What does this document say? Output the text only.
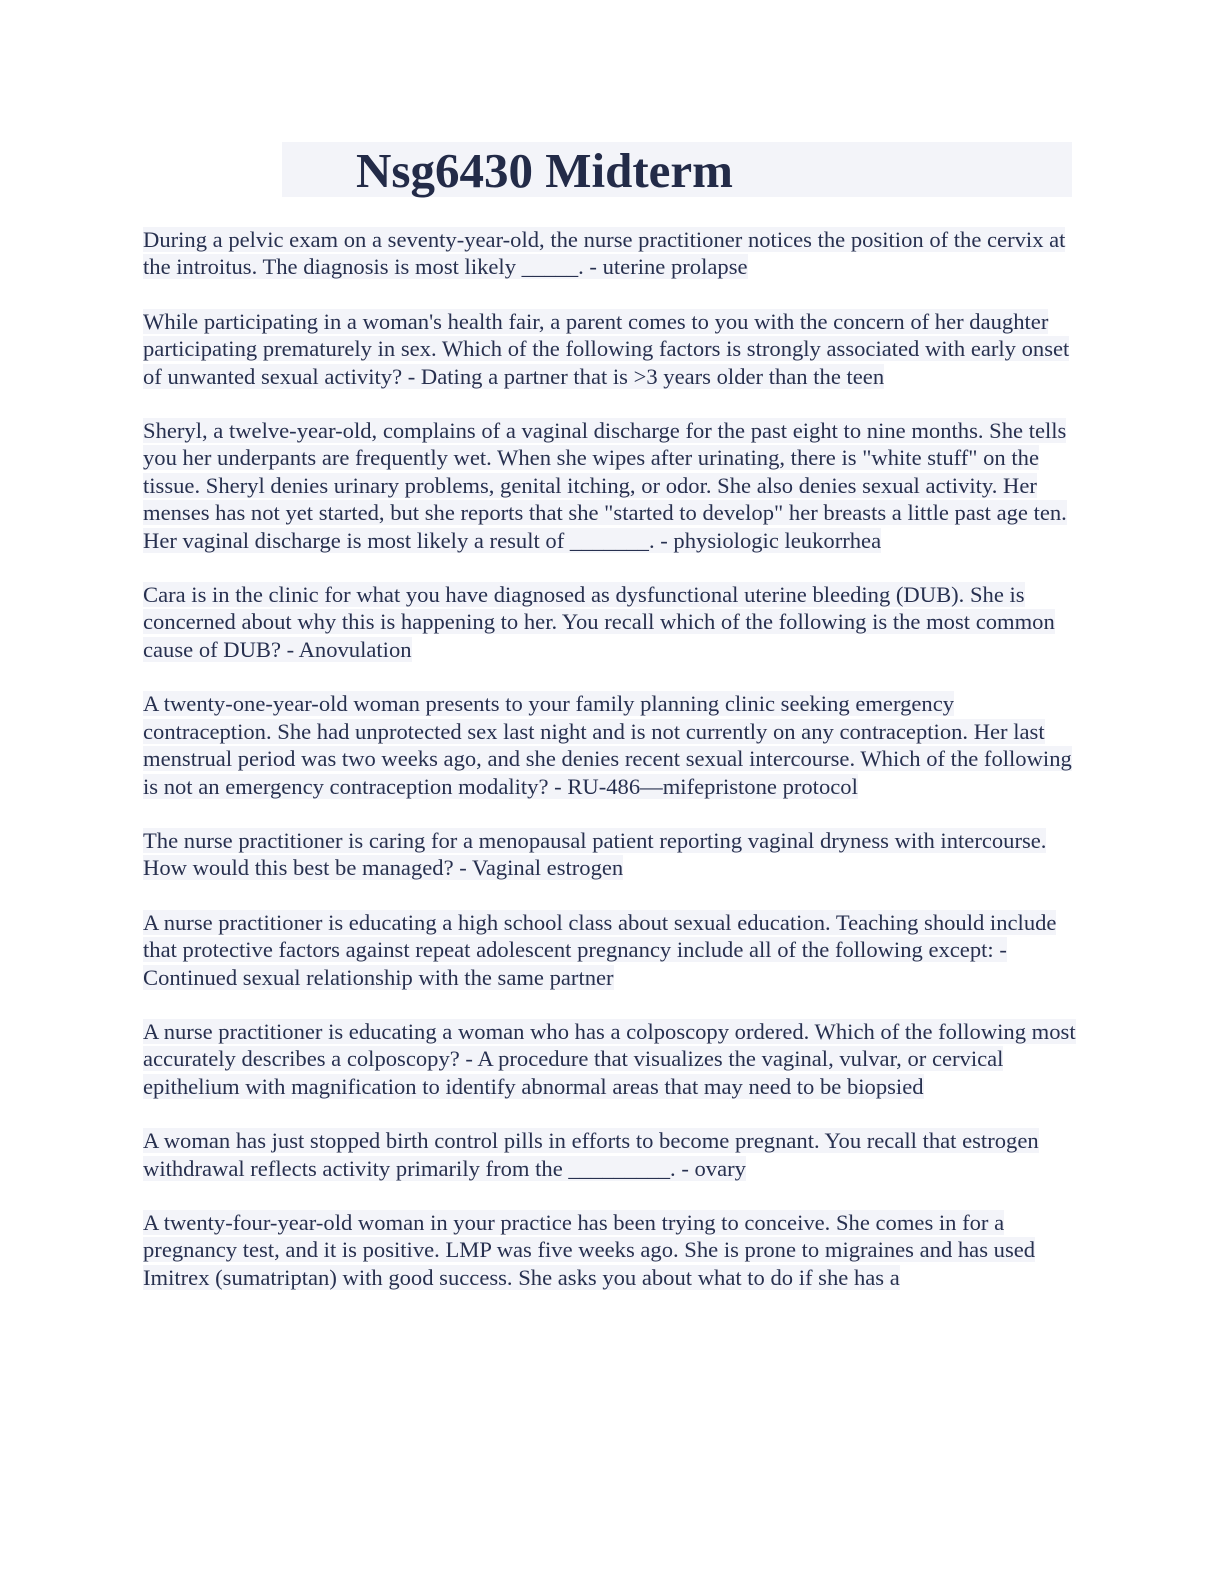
Nsg6430 Midterm

During a pelvic exam on a seventy-year-old, the nurse practitioner notices the position of the cervix at the introitus. The diagnosis is most likely _____. - uterine prolapse

While participating in a woman's health fair, a parent comes to you with the concern of her daughter participating prematurely in sex. Which of the following factors is strongly associated with early onset of unwanted sexual activity? - Dating a partner that is >3 years older than the teen

Sheryl, a twelve-year-old, complains of a vaginal discharge for the past eight to nine months. She tells you her underpants are frequently wet. When she wipes after urinating, there is "white stuff" on the tissue. Sheryl denies urinary problems, genital itching, or odor. She also denies sexual activity. Her menses has not yet started, but she reports that she "started to develop" her breasts a little past age ten. Her vaginal discharge is most likely a result of _______. - physiologic leukorrhea

Cara is in the clinic for what you have diagnosed as dysfunctional uterine bleeding (DUB). She is concerned about why this is happening to her. You recall which of the following is the most common cause of DUB? - Anovulation

A twenty-one-year-old woman presents to your family planning clinic seeking emergency contraception. She had unprotected sex last night and is not currently on any contraception. Her last menstrual period was two weeks ago, and she denies recent sexual intercourse. Which of the following is not an emergency contraception modality? - RU-486—mifepristone protocol

The nurse practitioner is caring for a menopausal patient reporting vaginal dryness with intercourse. How would this best be managed? - Vaginal estrogen

A nurse practitioner is educating a high school class about sexual education. Teaching should include that protective factors against repeat adolescent pregnancy include all of the following except: - Continued sexual relationship with the same partner

A nurse practitioner is educating a woman who has a colposcopy ordered. Which of the following most accurately describes a colposcopy? - A procedure that visualizes the vaginal, vulvar, or cervical epithelium with magnification to identify abnormal areas that may need to be biopsied

A woman has just stopped birth control pills in efforts to become pregnant. You recall that estrogen withdrawal reflects activity primarily from the _________. - ovary

A twenty-four-year-old woman in your practice has been trying to conceive. She comes in for a pregnancy test, and it is positive. LMP was five weeks ago. She is prone to migraines and has used Imitrex (sumatriptan) with good success. She asks you about what to do if she has a
